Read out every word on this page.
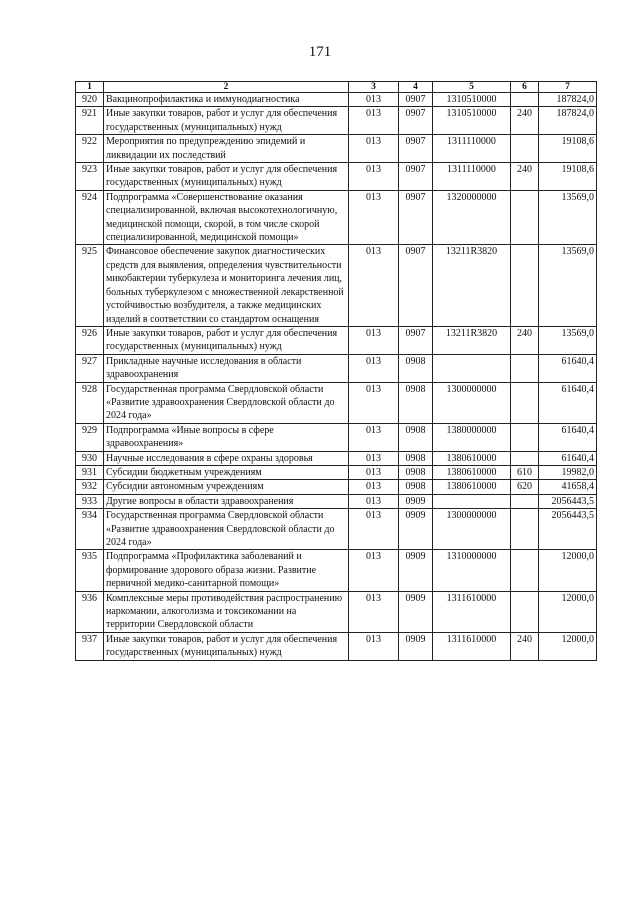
171
1	2	3	4	5	6	7
920	Вакцинопрофилактика и иммунодиагностика	013	0907	1310510000		187824,0
921	Иные закупки товаров, работ и услуг для обеспечения государственных (муниципальных) нужд	013	0907	1310510000	240	187824,0
922	Мероприятия по предупреждению эпидемий и ликвидации их последствий	013	0907	1311110000		19108,6
923	Иные закупки товаров, работ и услуг для обеспечения государственных (муниципальных) нужд	013	0907	1311110000	240	19108,6
924	Подпрограмма «Совершенствование оказания специализированной, включая высокотехнологичную, медицинской помощи, скорой, в том числе скорой специализированной, медицинской помощи»	013	0907	1320000000		13569,0
925	Финансовое обеспечение закупок диагностических средств для выявления, определения чувствительности микобактерии туберкулеза и мониторинга лечения лиц, больных туберкулезом с множественной лекарственной устойчивостью возбудителя, а также медицинских изделий в соответствии со стандартом оснащения	013	0907	13211R3820		13569,0
926	Иные закупки товаров, работ и услуг для обеспечения государственных (муниципальных) нужд	013	0907	13211R3820	240	13569,0
927	Прикладные научные исследования в области здравоохранения	013	0908			61640,4
928	Государственная программа Свердловской области «Развитие здравоохранения Свердловской области до 2024 года»	013	0908	1300000000		61640,4
929	Подпрограмма «Иные вопросы в сфере здравоохранения»	013	0908	1380000000		61640,4
930	Научные исследования в сфере охраны здоровья	013	0908	1380610000		61640,4
931	Субсидии бюджетным учреждениям	013	0908	1380610000	610	19982,0
932	Субсидии автономным учреждениям	013	0908	1380610000	620	41658,4
933	Другие вопросы в области здравоохранения	013	0909			2056443,5
934	Государственная программа Свердловской области «Развитие здравоохранения Свердловской области до 2024 года»	013	0909	1300000000		2056443,5
935	Подпрограмма «Профилактика заболеваний и формирование здорового образа жизни. Развитие первичной медико-санитарной помощи»	013	0909	1310000000		12000,0
936	Комплексные меры противодействия распространению наркомании, алкоголизма и токсикомании на территории Свердловской области	013	0909	1311610000		12000,0
937	Иные закупки товаров, работ и услуг для обеспечения государственных (муниципальных) нужд	013	0909	1311610000	240	12000,0
